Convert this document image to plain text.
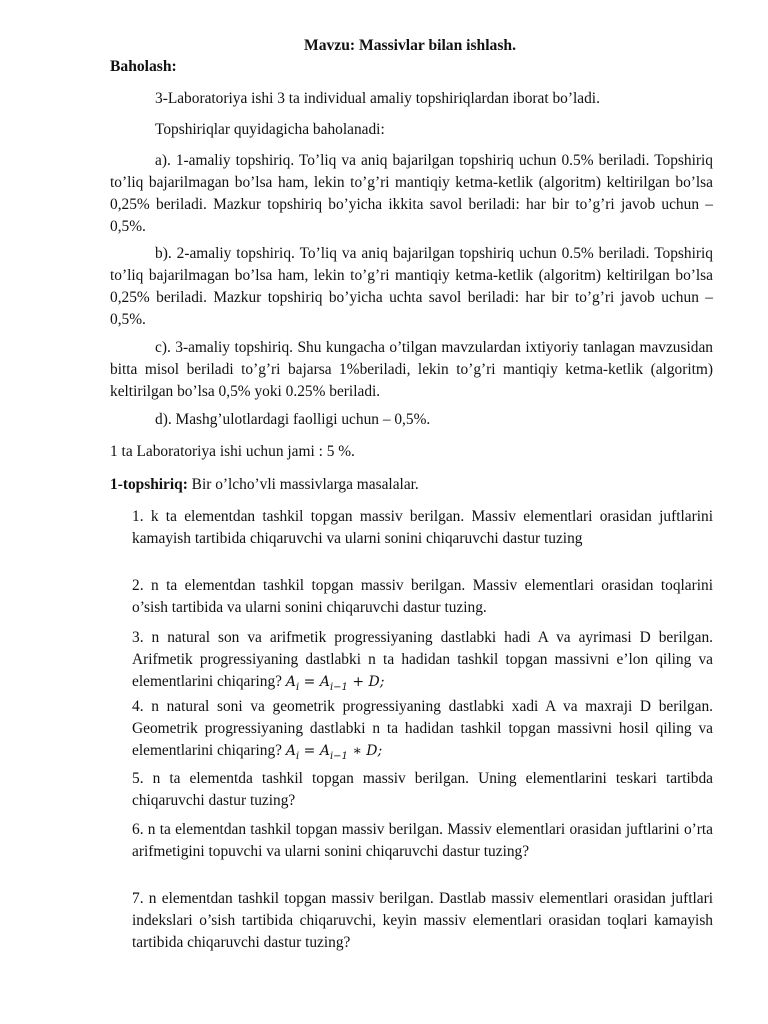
Mavzu: Massivlar bilan ishlash.
Baholash:

3-Laboratoriya ishi 3 ta individual amaliy topshiriqlardan iborat bo’ladi.

Topshiriqlar quyidagicha baholanadi:

a). 1-amaliy topshiriq. To’liq va aniq bajarilgan topshiriq uchun 0.5% beriladi. Topshiriq to’liq bajarilmagan bo’lsa ham, lekin to’g’ri mantiqiy ketma-ketlik (algoritm) keltirilgan bo’lsa 0,25% beriladi. Mazkur topshiriq bo’yicha ikkita savol beriladi: har bir to’g’ri javob uchun – 0,5%.

b). 2-amaliy topshiriq. To’liq va aniq bajarilgan topshiriq uchun 0.5% beriladi. Topshiriq to’liq bajarilmagan bo’lsa ham, lekin to’g’ri mantiqiy ketma-ketlik (algoritm) keltirilgan bo’lsa 0,25% beriladi. Mazkur topshiriq bo’yicha uchta savol beriladi: har bir to’g’ri javob uchun – 0,5%.

c). 3-amaliy topshiriq. Shu kungacha o’tilgan mavzulardan ixtiyoriy tanlagan mavzusidan bitta misol beriladi to’g’ri bajarsa 1%beriladi, lekin to’g’ri mantiqiy ketma-ketlik (algoritm) keltirilgan bo’lsa 0,5% yoki 0.25% beriladi.

d). Mashg’ulotlardagi faolligi uchun – 0,5%.

1 ta Laboratoriya ishi uchun jami : 5 %.

1-topshiriq: Bir o’lcho’vli massivlarga masalalar.

1. k ta elementdan tashkil topgan massiv berilgan. Massiv elementlari orasidan juftlarini kamayish tartibida chiqaruvchi va ularni sonini chiqaruvchi dastur tuzing

2. n ta elementdan tashkil topgan massiv berilgan. Massiv elementlari orasidan toqlarini o’sish tartibida va ularni sonini chiqaruvchi dastur tuzing.

3. n natural son va arifmetik progressiyaning dastlabki hadi A va ayrimasi D berilgan. Arifmetik progressiyaning dastlabki n ta hadidan tashkil topgan massivni e’lon qiling va elementlarini chiqaring? $A_i = A_{i-1} + D$;

4. n natural soni va geometrik progressiyaning dastlabki xadi A va maxraji D berilgan. Geometrik progressiyaning dastlabki n ta hadidan tashkil topgan massivni hosil qiling va elementlarini chiqaring? $A_i = A_{i-1}$ ∗ D;

5. n ta elementda tashkil topgan massiv berilgan. Uning elementlarini teskari tartibda chiqaruvchi dastur tuzing?

6. n ta elementdan tashkil topgan massiv berilgan. Massiv elementlari orasidan juftlarini o’rta arifmetigini topuvchi va ularni sonini chiqaruvchi dastur tuzing?

7. n elementdan tashkil topgan massiv berilgan. Dastlab massiv elementlari orasidan juftlari indekslari o’sish tartibida chiqaruvchi, keyin massiv elementlari orasidan toqlari kamayish tartibida chiqaruvchi dastur tuzing?
